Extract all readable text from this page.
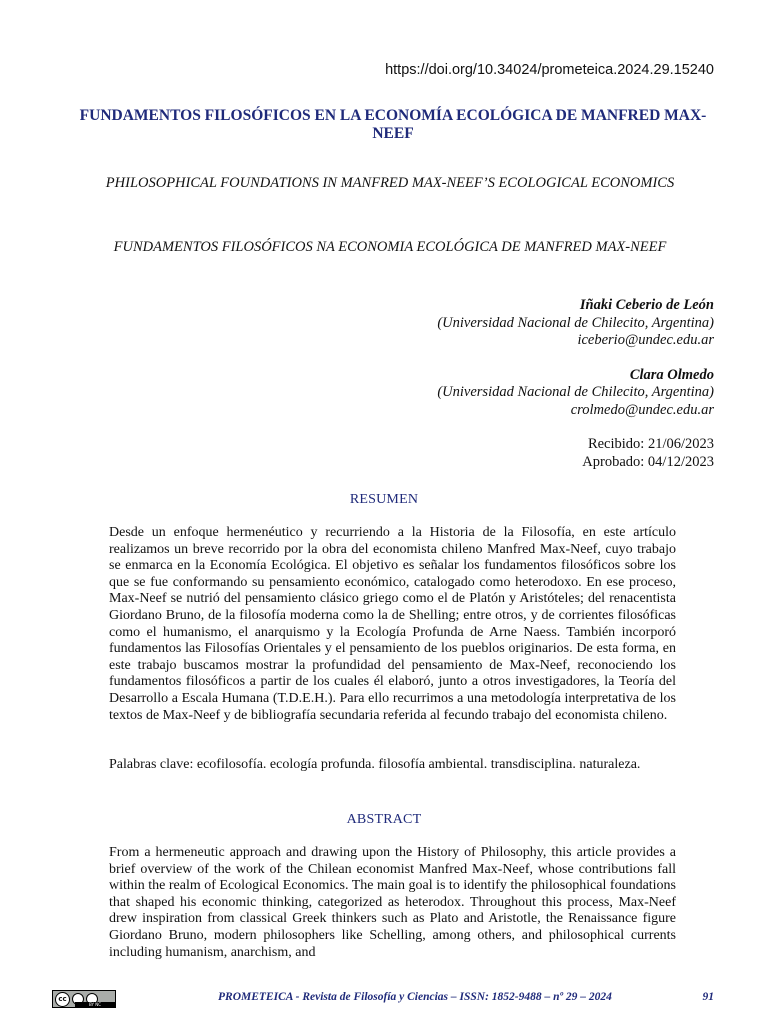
https://doi.org/10.34024/prometeica.2024.29.15240
FUNDAMENTOS FILOSÓFICOS EN LA ECONOMÍA ECOLÓGICA DE MANFRED MAX-NEEF
PHILOSOPHICAL FOUNDATIONS IN MANFRED MAX-NEEF’S ECOLOGICAL ECONOMICS
FUNDAMENTOS FILOSÓFICOS NA ECONOMIA ECOLÓGICA DE MANFRED MAX-NEEF
Iñaki Ceberio de León
(Universidad Nacional de Chilecito, Argentina)
iceberio@undec.edu.ar
Clara Olmedo
(Universidad Nacional de Chilecito, Argentina)
crolmedo@undec.edu.ar
Recibido: 21/06/2023
Aprobado: 04/12/2023
RESUMEN

Desde un enfoque hermenéutico y recurriendo a la Historia de la Filosofía, en este artículo realizamos un breve recorrido por la obra del economista chileno Manfred Max-Neef, cuyo trabajo se enmarca en la Economía Ecológica. El objetivo es señalar los fundamentos filosóficos sobre los que se fue conformando su pensamiento económico, catalogado como heterodoxo. En ese proceso, Max-Neef se nutrió del pensamiento clásico griego como el de Platón y Aristóteles; del renacentista Giordano Bruno, de la filosofía moderna como la de Shelling; entre otros, y de corrientes filosóficas como el humanismo, el anarquismo y la Ecología Profunda de Arne Naess. También incorporó fundamentos las Filosofías Orientales y el pensamiento de los pueblos originarios. De esta forma, en este trabajo buscamos mostrar la profundidad del pensamiento de Max-Neef, reconociendo los fundamentos filosóficos a partir de los cuales él elaboró, junto a otros investigadores, la Teoría del Desarrollo a Escala Humana (T.D.E.H.). Para ello recurrimos a una metodología interpretativa de los textos de Max-Neef y de bibliografía secundaria referida al fecundo trabajo del economista chileno.

Palabras clave: ecofilosofía. ecología profunda. filosofía ambiental. transdisciplina. naturaleza.

ABSTRACT

From a hermeneutic approach and drawing upon the History of Philosophy, this article provides a brief overview of the work of the Chilean economist Manfred Max-Neef, whose contributions fall within the realm of Ecological Economics. The main goal is to identify the philosophical foundations that shaped his economic thinking, categorized as heterodox. Throughout this process, Max-Neef drew inspiration from classical Greek thinkers such as Plato and Aristotle, the Renaissance figure Giordano Bruno, modern philosophers like Schelling, among others, and philosophical currents including humanism, anarchism, and

cc
BY NC
PROMETEICA - Revista de Filosofía y Ciencias – ISSN: 1852-9488 – nº 29 – 2024	91
